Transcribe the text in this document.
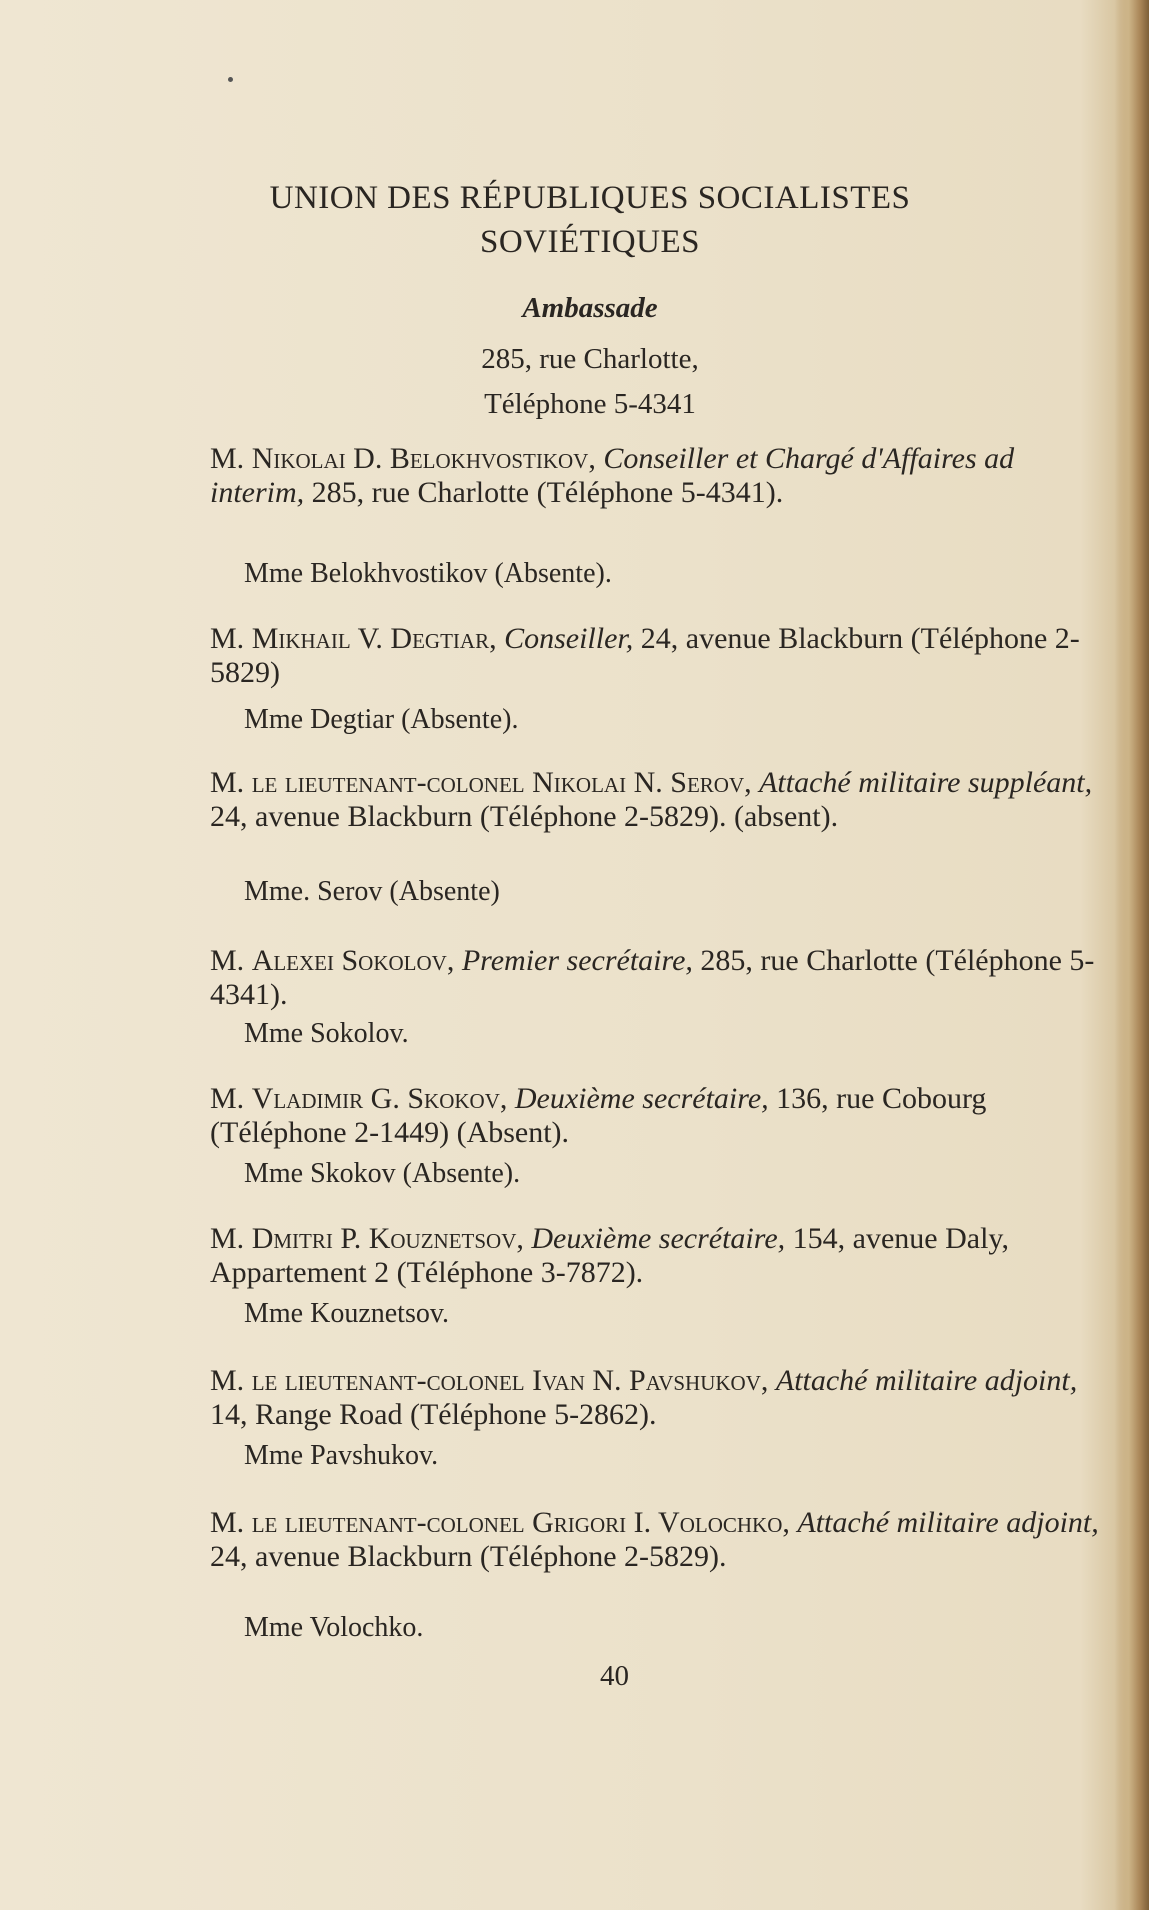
UNION DES RÉPUBLIQUES SOCIALISTES
SOVIÉTIQUES
Ambassade
285, rue Charlotte,
Téléphone 5-4341
M. Nikolai D. Belokhvostikov, Conseiller et Chargé d'Affaires ad interim, 285, rue Charlotte (Téléphone 5-4341).
Mme Belokhvostikov (Absente).
M. Mikhail V. Degtiar, Conseiller, 24, avenue Blackburn (Téléphone 2-5829)
Mme Degtiar (Absente).
M. le lieutenant-colonel Nikolai N. Serov, Attaché militaire suppléant, 24, avenue Blackburn (Téléphone 2-5829). (absent).
Mme. Serov (Absente)
M. Alexei Sokolov, Premier secrétaire, 285, rue Charlotte (Téléphone 5-4341).
Mme Sokolov.
M. Vladimir G. Skokov, Deuxième secrétaire, 136, rue Cobourg (Téléphone 2-1449) (Absent).
Mme Skokov (Absente).
M. Dmitri P. Kouznetsov, Deuxième secrétaire, 154, avenue Daly, Appartement 2 (Téléphone 3-7872).
Mme Kouznetsov.
M. le lieutenant-colonel Ivan N. Pavshukov, Attaché militaire adjoint, 14, Range Road (Téléphone 5-2862).
Mme Pavshukov.
M. le lieutenant-colonel Grigori I. Volochko, Attaché militaire adjoint, 24, avenue Blackburn (Téléphone 2-5829).
Mme Volochko.
40
